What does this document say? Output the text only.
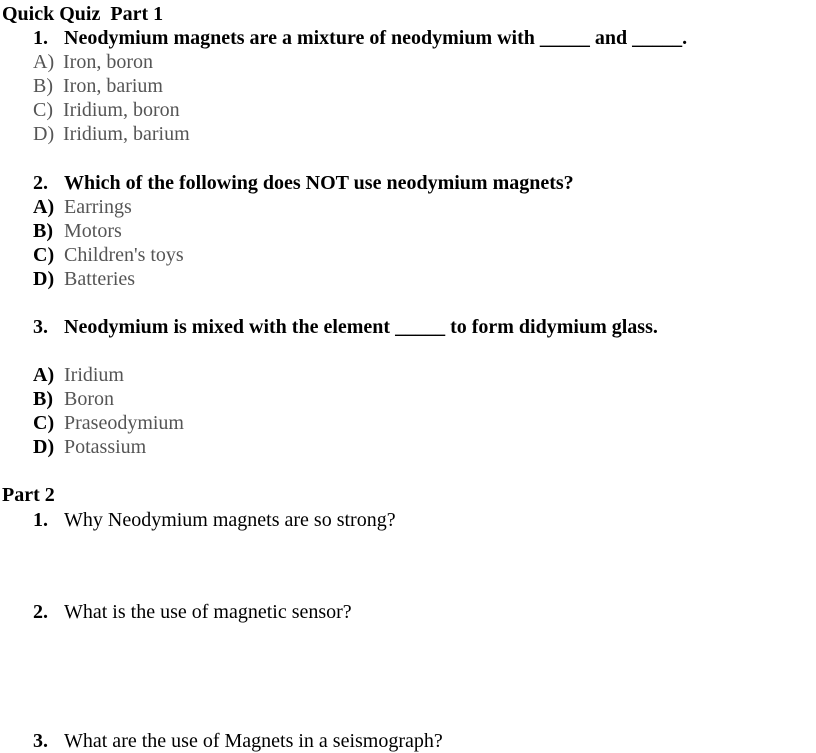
Quick Quiz  Part 1
1. Neodymium magnets are a mixture of neodymium with _____ and _____.
A) Iron, boron
B) Iron, barium
C) Iridium, boron
D) Iridium, barium
2. Which of the following does NOT use neodymium magnets?
A) Earrings
B) Motors
C) Children's toys
D) Batteries
3. Neodymium is mixed with the element _____ to form didymium glass.
A) Iridium
B) Boron
C) Praseodymium
D) Potassium
Part 2
1. Why Neodymium magnets are so strong?
2. What is the use of magnetic sensor?
3. What are the use of Magnets in a seismograph?
